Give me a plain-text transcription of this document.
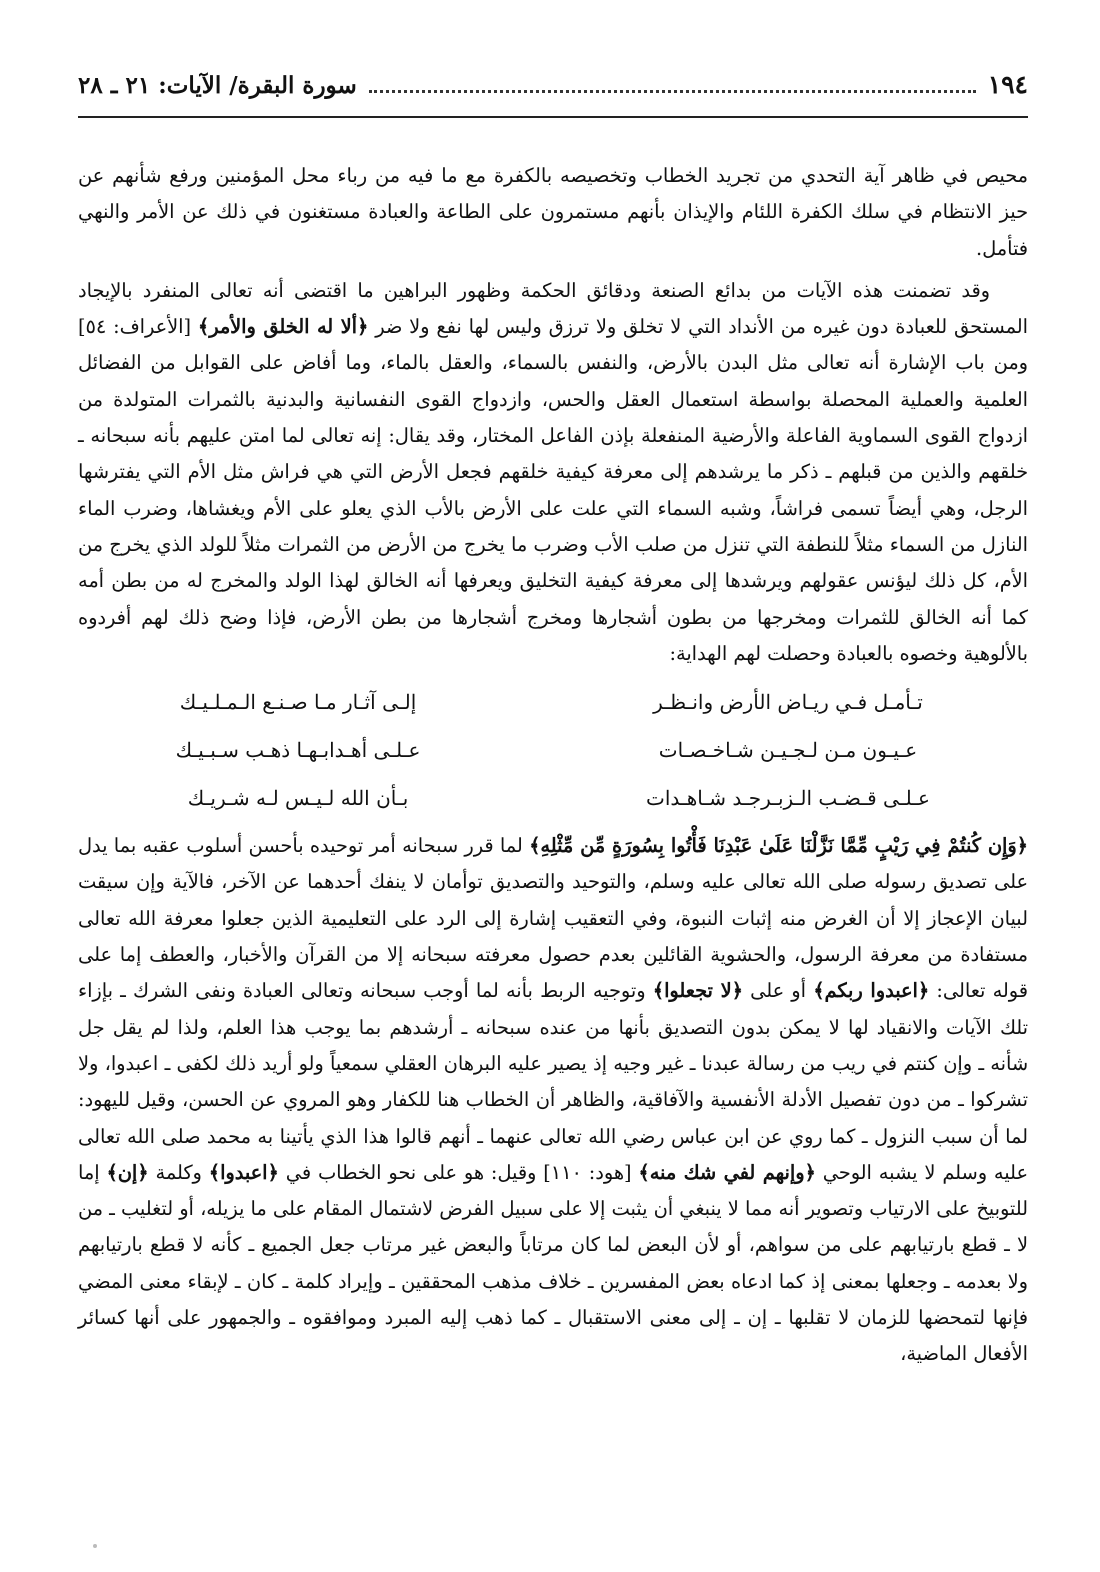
١٩٤
سورة البقرة/ الآيات: ٢١ ـ ٢٨

محيص في ظاهر آية التحدي من تجريد الخطاب وتخصيصه بالكفرة مع ما فيه من رباء محل المؤمنين ورفع شأنهم عن حيز الانتظام في سلك الكفرة اللئام والإيذان بأنهم مستمرون على الطاعة والعبادة مستغنون في ذلك عن الأمر والنهي فتأمل.

وقد تضمنت هذه الآيات من بدائع الصنعة ودقائق الحكمة وظهور البراهين ما اقتضى أنه تعالى المنفرد بالإيجاد المستحق للعبادة دون غيره من الأنداد التي لا تخلق ولا ترزق وليس لها نفع ولا ضر ﴿ألا له الخلق والأمر﴾ [الأعراف: ٥٤] ومن باب الإشارة أنه تعالى مثل البدن بالأرض، والنفس بالسماء، والعقل بالماء، وما أفاض على القوابل من الفضائل العلمية والعملية المحصلة بواسطة استعمال العقل والحس، وازدواج القوى النفسانية والبدنية بالثمرات المتولدة من ازدواج القوى السماوية الفاعلة والأرضية المنفعلة بإذن الفاعل المختار، وقد يقال: إنه تعالى لما امتن عليهم بأنه سبحانه ـ خلقهم والذين من قبلهم ـ ذكر ما يرشدهم إلى معرفة كيفية خلقهم فجعل الأرض التي هي فراش مثل الأم التي يفترشها الرجل، وهي أيضاً تسمى فراشاً، وشبه السماء التي علت على الأرض بالأب الذي يعلو على الأم ويغشاها، وضرب الماء النازل من السماء مثلاً للنطفة التي تنزل من صلب الأب وضرب ما يخرج من الأرض من الثمرات مثلاً للولد الذي يخرج من الأم، كل ذلك ليؤنس عقولهم ويرشدها إلى معرفة كيفية التخليق ويعرفها أنه الخالق لهذا الولد والمخرج له من بطن أمه كما أنه الخالق للثمرات ومخرجها من بطون أشجارها ومخرج أشجارها من بطن الأرض، فإذا وضح ذلك لهم أفردوه بالألوهية وخصوه بالعبادة وحصلت لهم الهداية:

تـأمـل فـي ريـاض الأرض وانـظـر
إلـى آثـار مـا صـنـع الـمـلـيـك
عـيـون مـن لـجـيـن شـاخـصـات
عـلـى أهـدابـهـا ذهـب سـبـيـك
عـلـى قـضـب الـزبـرجـد شـاهـدات
بـأن الله لـيـس لـه شـريـك

﴿وَإِن كُنتُمْ فِي رَيْبٍ مِّمَّا نَزَّلْنَا عَلَىٰ عَبْدِنَا فَأْتُوا بِسُورَةٍ مِّن مِّثْلِهِ﴾ لما قرر سبحانه أمر توحيده بأحسن أسلوب عقبه بما يدل على تصديق رسوله صلى الله تعالى عليه وسلم، والتوحيد والتصديق توأمان لا ينفك أحدهما عن الآخر، فالآية وإن سيقت لبيان الإعجاز إلا أن الغرض منه إثبات النبوة، وفي التعقيب إشارة إلى الرد على التعليمية الذين جعلوا معرفة الله تعالى مستفادة من معرفة الرسول، والحشوية القائلين بعدم حصول معرفته سبحانه إلا من القرآن والأخبار، والعطف إما على قوله تعالى: ﴿اعبدوا ربكم﴾ أو على ﴿لا تجعلوا﴾ وتوجيه الربط بأنه لما أوجب سبحانه وتعالى العبادة ونفى الشرك ـ بإزاء تلك الآيات والانقياد لها لا يمكن بدون التصديق بأنها من عنده سبحانه ـ أرشدهم بما يوجب هذا العلم، ولذا لم يقل جل شأنه ـ وإن كنتم في ريب من رسالة عبدنا ـ غير وجيه إذ يصير عليه البرهان العقلي سمعياً ولو أريد ذلك لكفى ـ اعبدوا، ولا تشركوا ـ من دون تفصيل الأدلة الأنفسية والآفاقية، والظاهر أن الخطاب هنا للكفار وهو المروي عن الحسن، وقيل لليهود: لما أن سبب النزول ـ كما روي عن ابن عباس رضي الله تعالى عنهما ـ أنهم قالوا هذا الذي يأتينا به محمد صلى الله تعالى عليه وسلم لا يشبه الوحي ﴿وإنهم لفي شك منه﴾ [هود: ١١٠] وقيل: هو على نحو الخطاب في ﴿اعبدوا﴾ وكلمة ﴿إن﴾ إما للتوبيخ على الارتياب وتصوير أنه مما لا ينبغي أن يثبت إلا على سبيل الفرض لاشتمال المقام على ما يزيله، أو لتغليب ـ من لا ـ قطع بارتيابهم على من سواهم، أو لأن البعض لما كان مرتاباً والبعض غير مرتاب جعل الجميع ـ كأنه لا قطع بارتيابهم ولا بعدمه ـ وجعلها بمعنى إذ كما ادعاه بعض المفسرين ـ خلاف مذهب المحققين ـ وإيراد كلمة ـ كان ـ لإبقاء معنى المضي فإنها لتمحضها للزمان لا تقلبها ـ إن ـ إلى معنى الاستقبال ـ كما ذهب إليه المبرد وموافقوه ـ والجمهور على أنها كسائر الأفعال الماضية،
